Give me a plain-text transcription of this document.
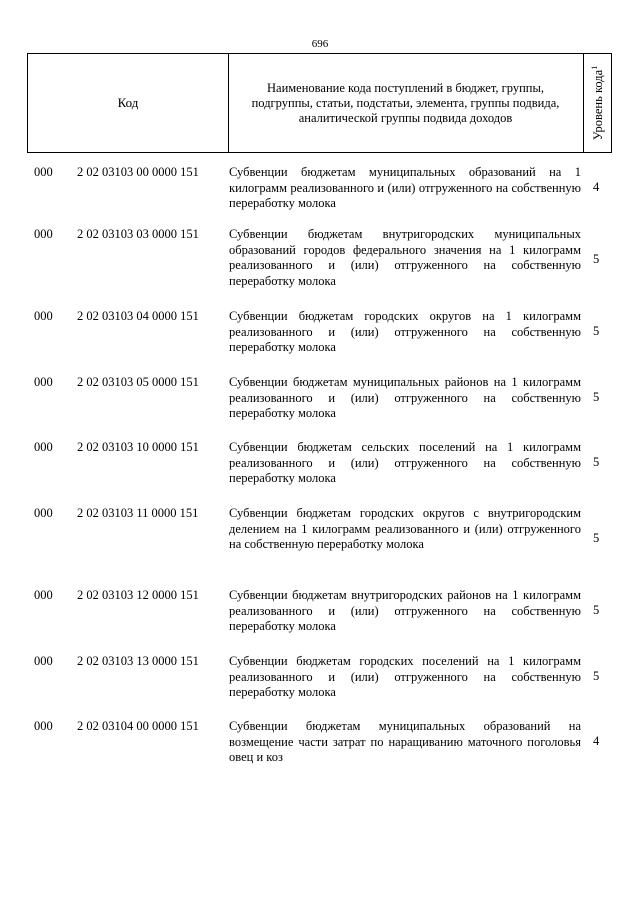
696
Код
Наименование кода поступлений в бюджет, группы, подгруппы, статьи, подстатьи, элемента, группы подвида, аналитической группы подвида доходов	Уровень кода$^1$
000 2 02 03103 00 0000 151 Субвенции бюджетам муниципальных образований на 1 килограмм реализованного и (или) отгруженного на собственную переработку молока
4
000 2 02 03103 03 0000 151 Субвенции бюджетам внутригородских муниципальных образований городов федерального значения на 1 килограмм реализованного и (или) отгруженного на собственную переработку молока
5
000 2 02 03103 04 0000 151 Субвенции бюджетам городских округов на 1 килограмм реализованного и (или) отгруженного на собственную переработку молока
5
000 2 02 03103 05 0000 151 Субвенции бюджетам муниципальных районов на 1 килограмм реализованного и (или) отгруженного на собственную переработку молока
5
000 2 02 03103 10 0000 151 Субвенции бюджетам сельских поселений на 1 килограмм реализованного и (или) отгруженного на собственную переработку молока
5
000 2 02 03103 11 0000 151 Субвенции бюджетам городских округов с внутригородским делением на 1 килограмм реализованного и (или) отгруженного на собственную переработку молока	5
000 2 02 03103 12 0000 151 Субвенции бюджетам внутригородских районов на 1 килограмм реализованного и (или) отгруженного на собственную переработку молока
5
000 2 02 03103 13 0000 151 Субвенции бюджетам городских поселений на 1 килограмм реализованного и (или) отгруженного на собственную переработку молока
5
000 2 02 03104 00 0000 151 Субвенции бюджетам муниципальных образований на возмещение части затрат по наращиванию маточного поголовья овец и коз
4
